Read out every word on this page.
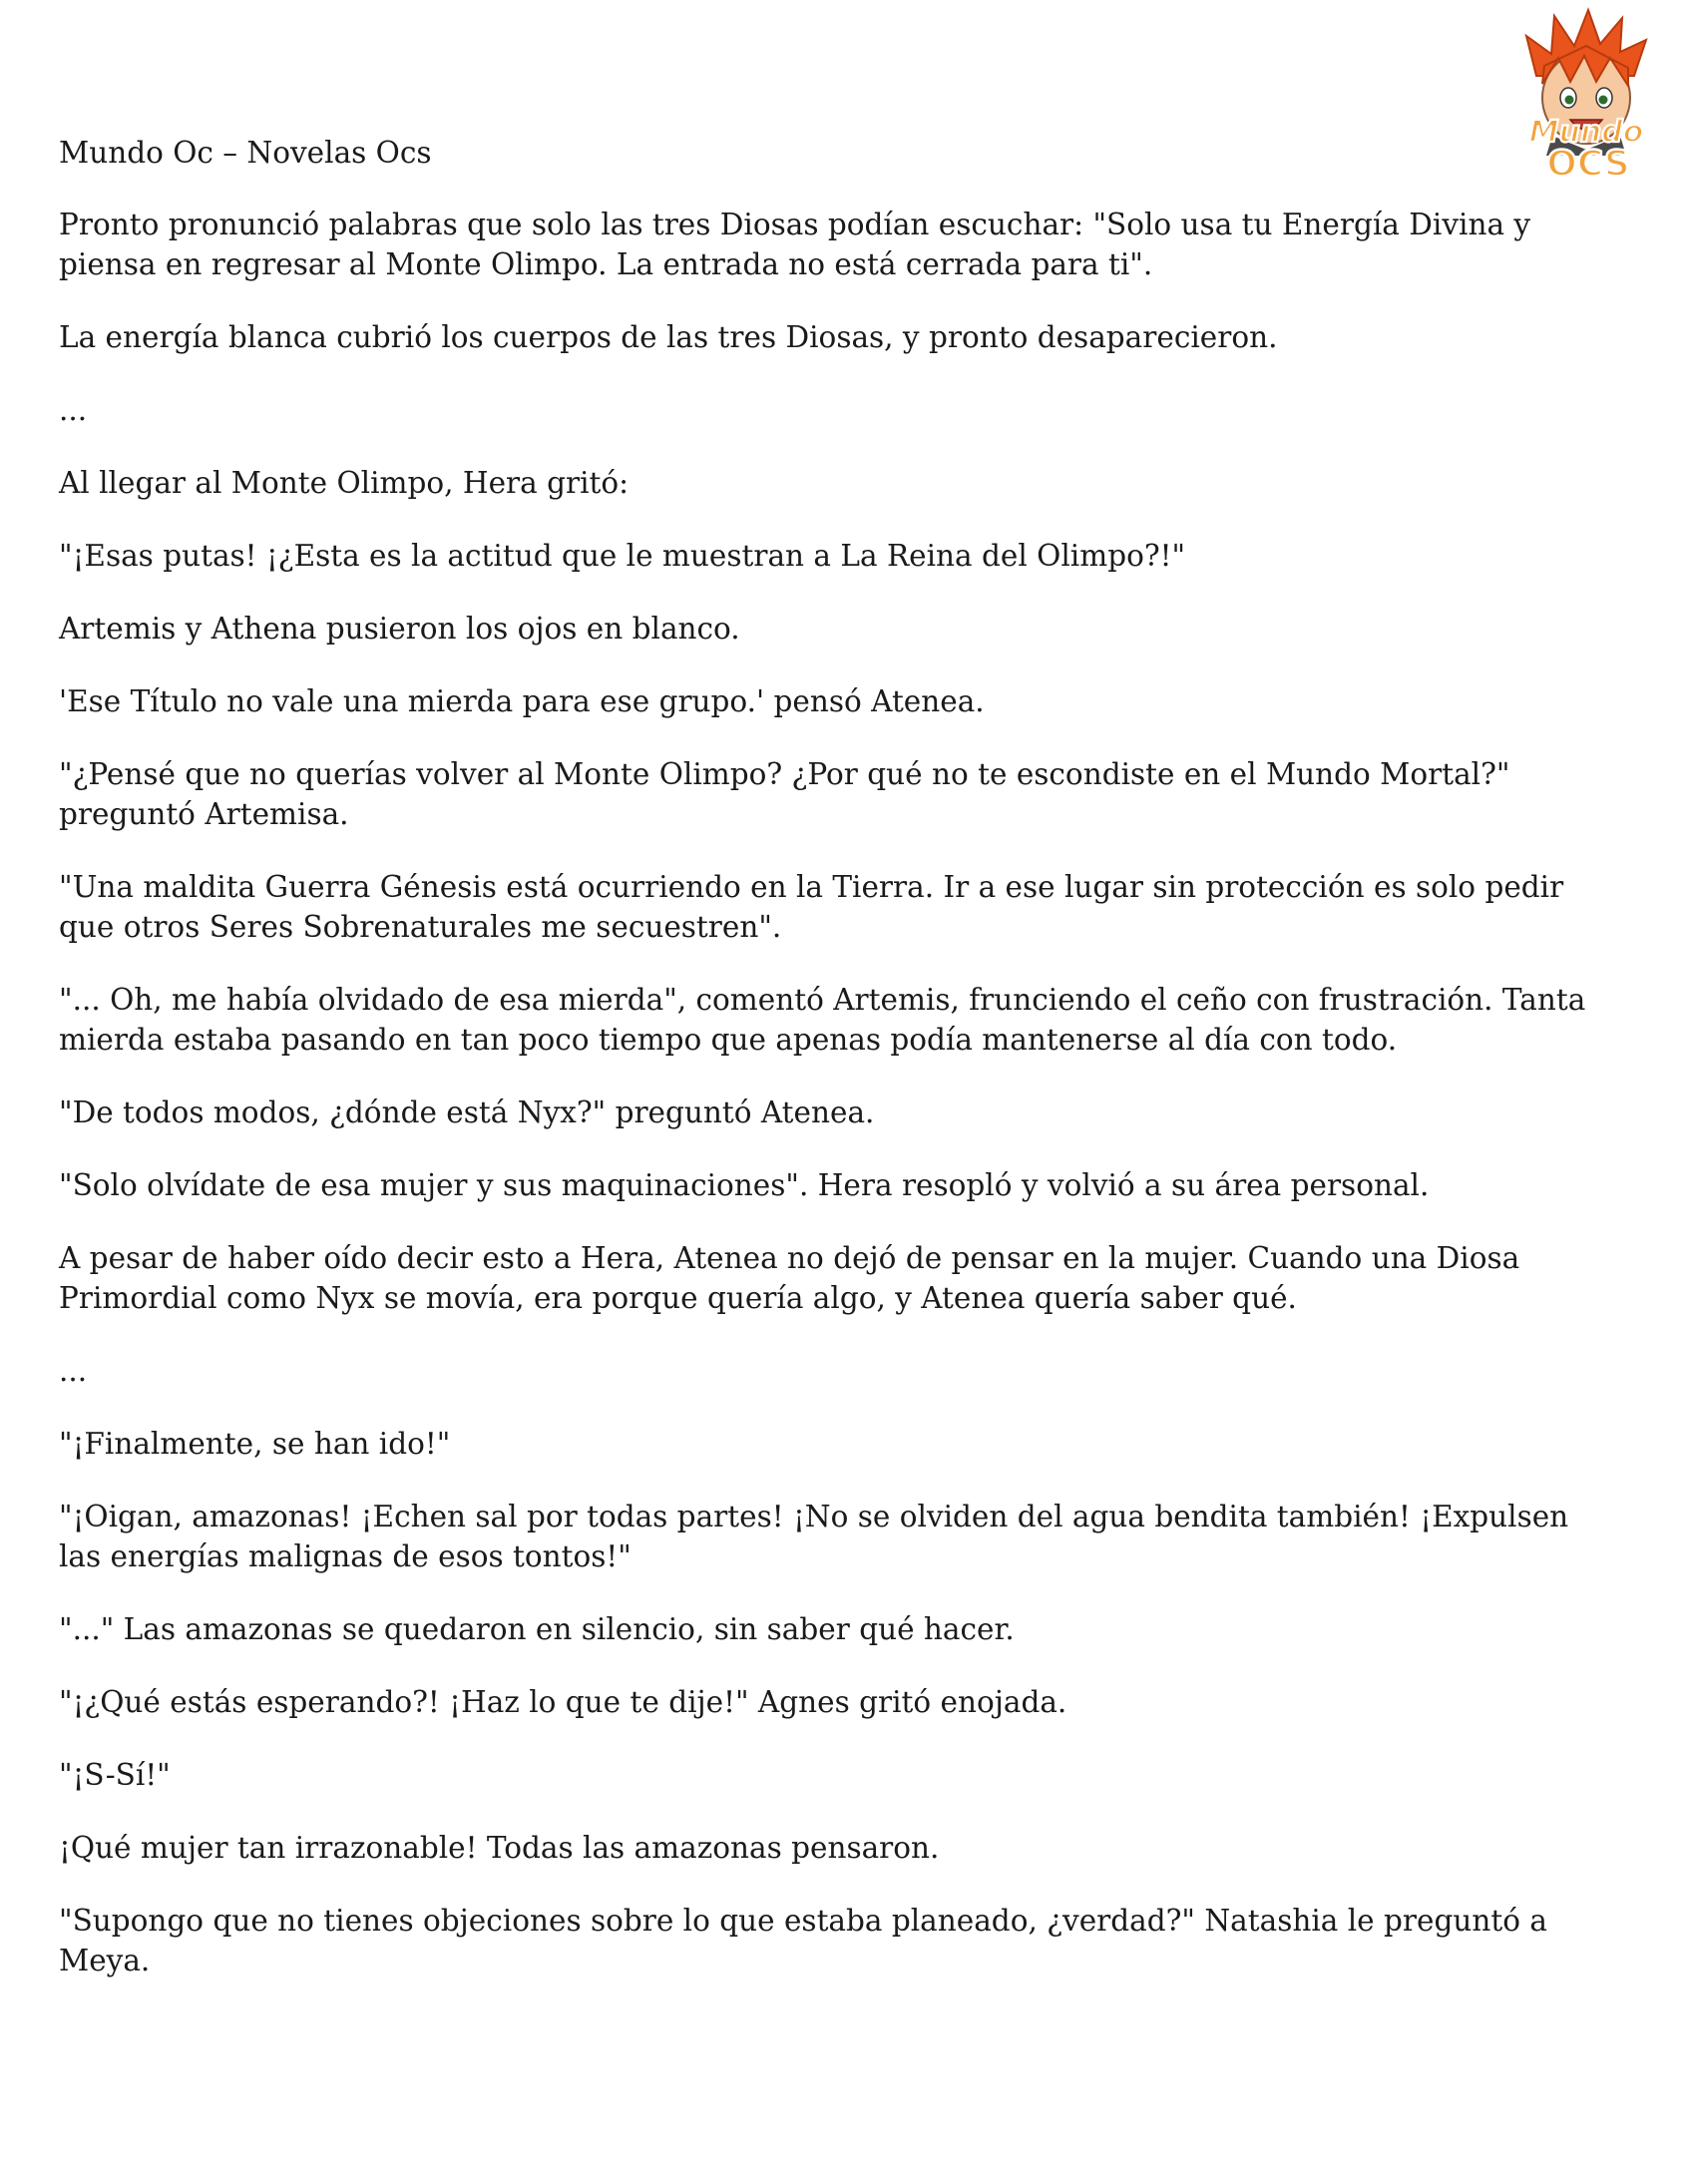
Mundo
OCS

Mundo Oc – Novelas Ocs

Pronto pronunció palabras que solo las tres Diosas podían escuchar: "Solo usa tu Energía Divina y piensa en regresar al Monte Olimpo. La entrada no está cerrada para ti".

La energía blanca cubrió los cuerpos de las tres Diosas, y pronto desaparecieron.

...

Al llegar al Monte Olimpo, Hera gritó:

"¡Esas putas! ¡¿Esta es la actitud que le muestran a La Reina del Olimpo?!"

Artemis y Athena pusieron los ojos en blanco.

'Ese Título no vale una mierda para ese grupo.' pensó Atenea.

"¿Pensé que no querías volver al Monte Olimpo? ¿Por qué no te escondiste en el Mundo Mortal?" preguntó Artemisa.

"Una maldita Guerra Génesis está ocurriendo en la Tierra. Ir a ese lugar sin protección es solo pedir que otros Seres Sobrenaturales me secuestren".

"... Oh, me había olvidado de esa mierda", comentó Artemis, frunciendo el ceño con frustración. Tanta mierda estaba pasando en tan poco tiempo que apenas podía mantenerse al día con todo.

"De todos modos, ¿dónde está Nyx?" preguntó Atenea.

"Solo olvídate de esa mujer y sus maquinaciones". Hera resopló y volvió a su área personal.

A pesar de haber oído decir esto a Hera, Atenea no dejó de pensar en la mujer. Cuando una Diosa Primordial como Nyx se movía, era porque quería algo, y Atenea quería saber qué.

...

"¡Finalmente, se han ido!"

"¡Oigan, amazonas! ¡Echen sal por todas partes! ¡No se olviden del agua bendita también! ¡Expulsen las energías malignas de esos tontos!"

"..." Las amazonas se quedaron en silencio, sin saber qué hacer.

"¡¿Qué estás esperando?! ¡Haz lo que te dije!" Agnes gritó enojada.

"¡S-Sí!"

¡Qué mujer tan irrazonable! Todas las amazonas pensaron.

"Supongo que no tienes objeciones sobre lo que estaba planeado, ¿verdad?" Natashia le preguntó a Meya.
